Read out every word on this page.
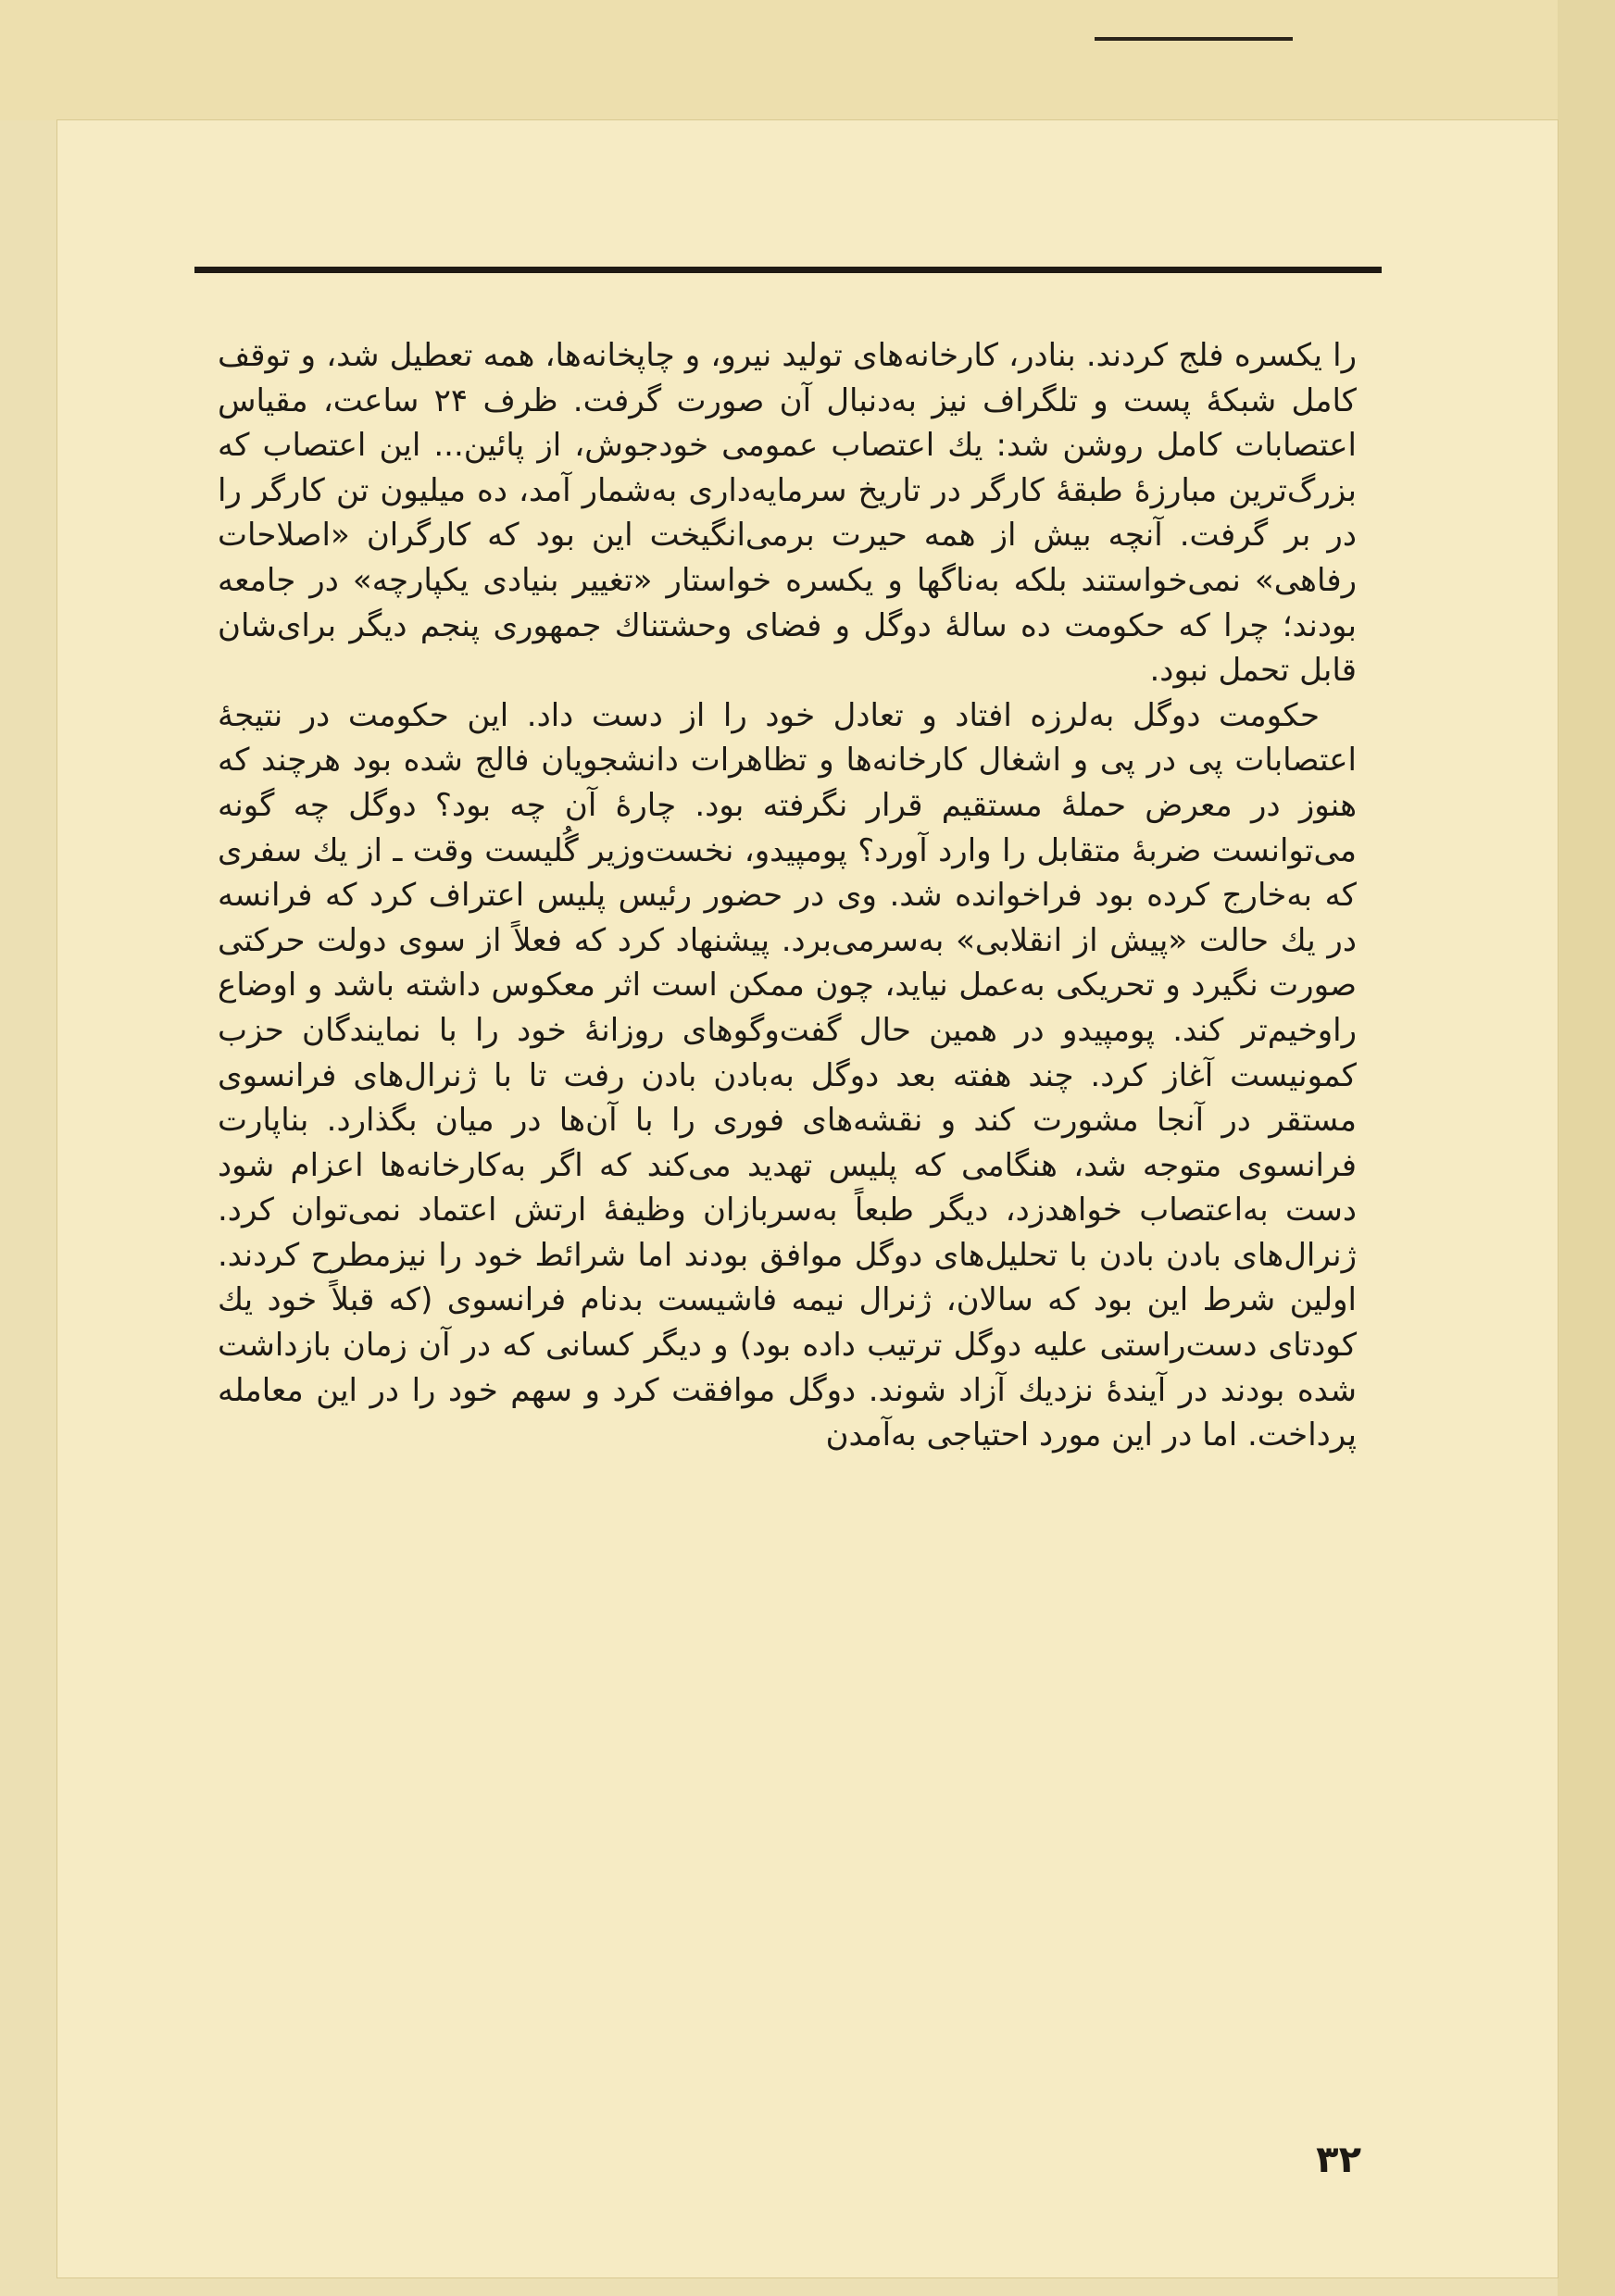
را یکسره فلج کردند. بنادر، کارخانه‌های تولید نیرو، و چاپخانه‌ها، همه تعطیل شد، و توقف کامل شبکهٔ پست و تلگراف نیز به‌دنبال آن صورت گرفت. ظرف ۲۴ ساعت، مقیاس اعتصابات کامل روشن شد: یك اعتصاب عمومی خودجوش، از پائین... این اعتصاب که بزرگ‌ترین مبارزهٔ طبقهٔ کارگر در تاریخ سرمایه‌داری به‌شمار آمد، ده میلیون تن کارگر را در بر گرفت. آنچه بیش از همه حیرت برمی‌انگیخت این بود که کارگران «اصلاحات رفاهی» نمی‌خواستند بلکه به‌ناگها و یکسره خواستار «تغییر بنیادی یکپارچه» در جامعه بودند؛ چرا که حکومت ده سالهٔ دوگل و فضای وحشتناك جمهوری پنجم دیگر برای‌شان قابل تحمل نبود.

حکومت دوگل به‌لرزه افتاد و تعادل خود را از دست داد. این حکومت در نتیجهٔ اعتصابات پی در پی و اشغال کارخانه‌ها و تظاهرات دانشجویان فالج شده بود هرچند که هنوز در معرض حملهٔ مستقیم قرار نگرفته بود. چارهٔ آن چه بود؟ دوگل چه گونه می‌توانست ضربهٔ متقابل را وارد آورد؟ پومپیدو، نخست‌وزیر گُلیست وقت ـ از یك سفری که به‌خارج کرده بود فراخوانده شد. وی در حضور رئیس پلیس اعتراف کرد که فرانسه در یك حالت «پیش از انقلابی» به‌سرمی‌برد. پیشنهاد کرد که فعلاً از سوی دولت حرکتی صورت نگیرد و تحریکی به‌عمل نیاید، چون ممکن است اثر معکوس داشته باشد و اوضاع راوخیم‌تر کند. پومپیدو در همین حال گفت‌وگوهای روزانهٔ خود را با نمایندگان حزب کمونیست آغاز کرد. چند هفته بعد دوگل به‌بادن بادن رفت تا با ژنرال‌های فرانسوی مستقر در آنجا مشورت کند و نقشه‌های فوری را با آن‌ها در میان بگذارد. بناپارت فرانسوی متوجه شد، هنگامی که پلیس تهدید می‌کند که‌ اگر به‌کارخانه‌ها اعزام شود دست به‌اعتصاب خواهدزد، دیگر طبعاً به‌سربازان وظیفهٔ ارتش اعتماد نمی‌توان کرد. ژنرال‌های بادن بادن با تحلیل‌های دوگل موافق بودند اما شرائط خود را نیزمطرح کردند. اولین شرط این بود که سالان، ژنرال نیمه فاشیست بدنام فرانسوی (که قبلاً خود یك کودتای دست‌راستی علیه دوگل ترتیب داده بود) و دیگر کسانی که در آن زمان بازداشت شده بودند در آیندهٔ نزدیك آزاد شوند. دوگل موافقت کرد و سهم خود را در این معامله پرداخت. اما در این مورد احتیاجی به‌آمدن

۳۲
